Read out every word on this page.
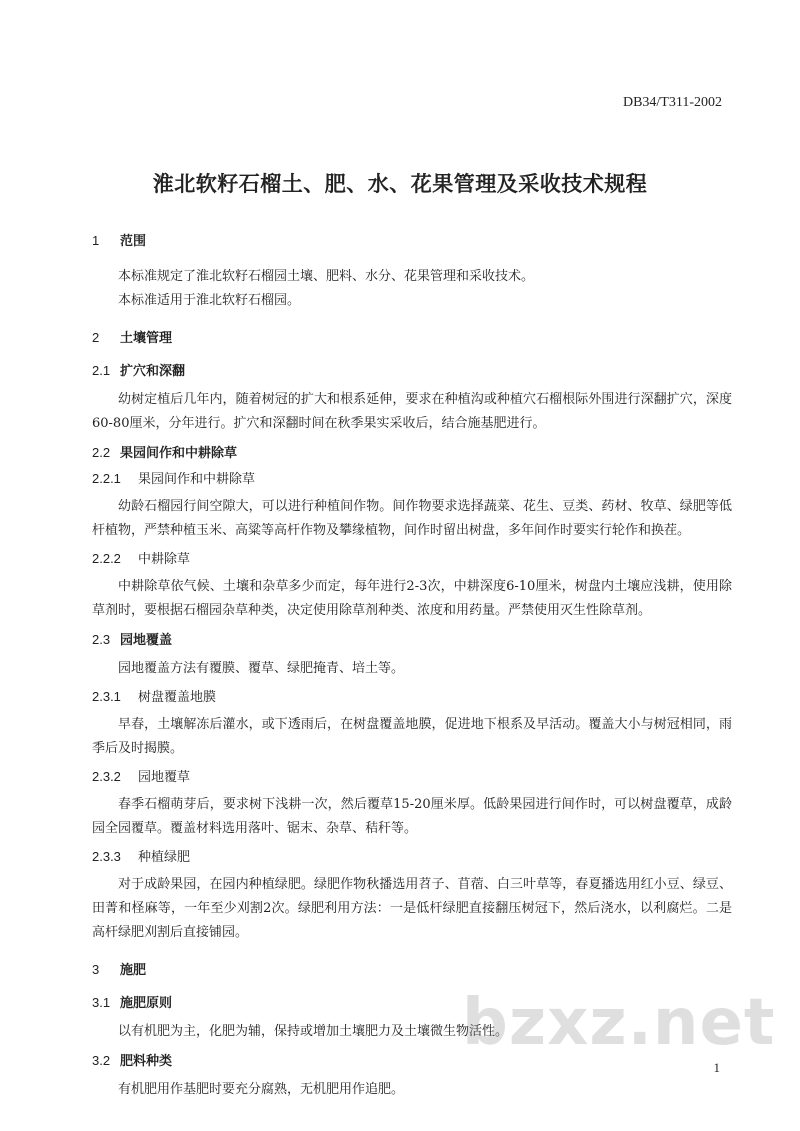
DB34/T311-2002
淮北软籽石榴土、肥、水、花果管理及采收技术规程
1 范围

本标准规定了淮北软籽石榴园土壤、肥料、水分、花果管理和采收技术。

本标准适用于淮北软籽石榴园。

2 土壤管理
2.1 扩穴和深翻

幼树定植后几年内，随着树冠的扩大和根系延伸，要求在种植沟或种植穴石榴根际外围进行深翻扩穴，深度60-80厘米，分年进行。扩穴和深翻时间在秋季果实采收后，结合施基肥进行。

2.2 果园间作和中耕除草
2.2.1 果园间作和中耕除草

幼龄石榴园行间空隙大，可以进行种植间作物。间作物要求选择蔬菜、花生、豆类、药材、牧草、绿肥等低杆植物，严禁种植玉米、高粱等高杆作物及攀缘植物，间作时留出树盘，多年间作时要实行轮作和换茬。

2.2.2 中耕除草

中耕除草依气候、土壤和杂草多少而定，每年进行2-3次，中耕深度6-10厘米，树盘内土壤应浅耕，使用除草剂时，要根据石榴园杂草种类，决定使用除草剂种类、浓度和用药量。严禁使用灭生性除草剂。

2.3 园地覆盖

园地覆盖方法有覆膜、覆草、绿肥掩青、培土等。

2.3.1 树盘覆盖地膜

早春，土壤解冻后灌水，或下透雨后，在树盘覆盖地膜，促进地下根系及早活动。覆盖大小与树冠相同，雨季后及时揭膜。

2.3.2 园地覆草

春季石榴萌芽后，要求树下浅耕一次，然后覆草15-20厘米厚。低龄果园进行间作时，可以树盘覆草，成龄园全园覆草。覆盖材料选用落叶、锯末、杂草、秸秆等。

2.3.3 种植绿肥

对于成龄果园，在园内种植绿肥。绿肥作物秋播选用苕子、苜蓿、白三叶草等，春夏播选用红小豆、绿豆、田菁和柽麻等，一年至少刈割2次。绿肥利用方法：一是低杆绿肥直接翻压树冠下，然后浇水，以利腐烂。二是高杆绿肥刈割后直接铺园。

3 施肥
3.1 施肥原则

以有机肥为主，化肥为辅，保持或增加土壤肥力及土壤微生物活性。

3.2 肥料种类

有机肥用作基肥时要充分腐熟，无机肥用作追肥。

bzxz.net
1
